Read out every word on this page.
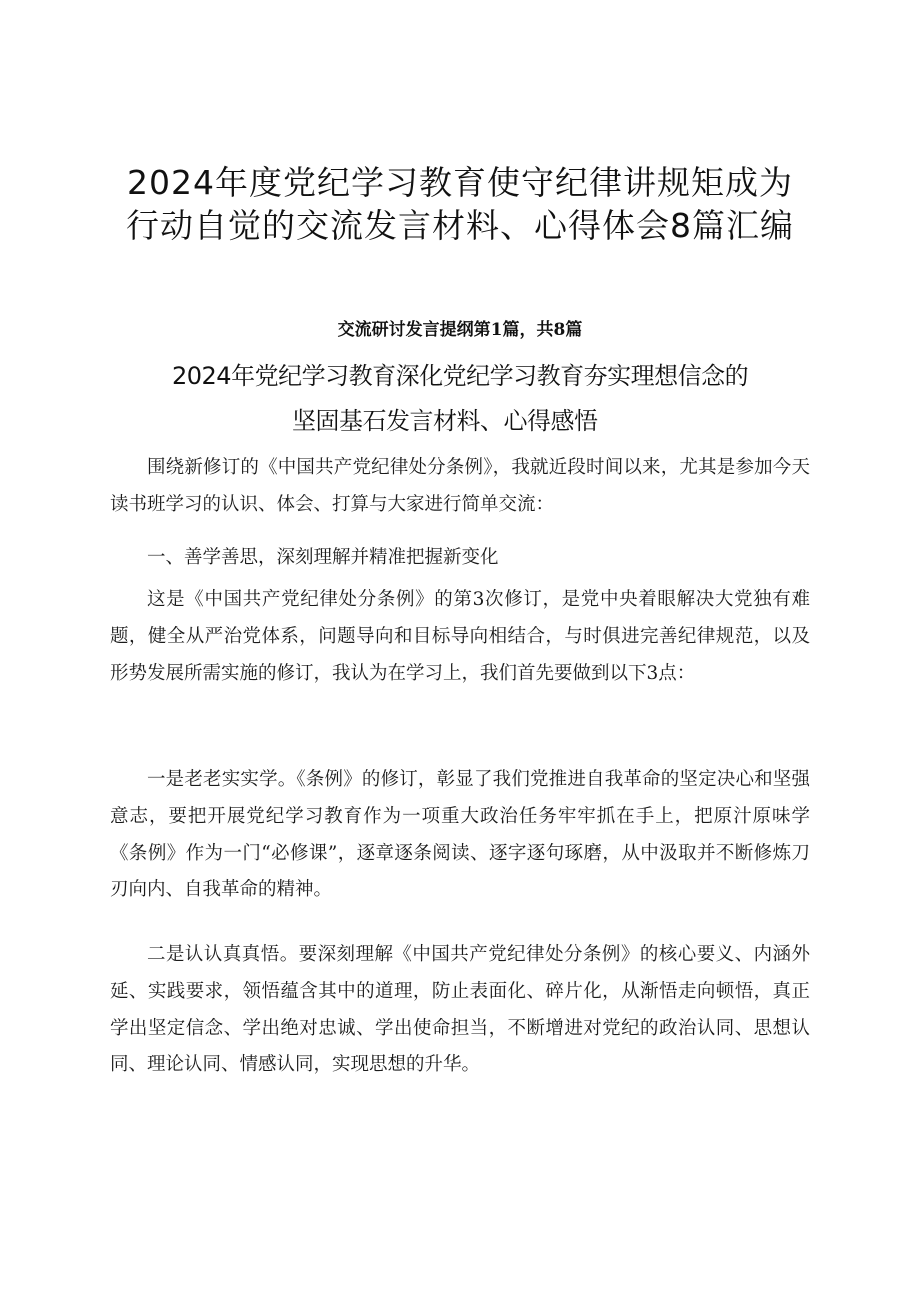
2024年度党纪学习教育使守纪律讲规矩成为
行动自觉的交流发言材料、心得体会8篇汇编
交流研讨发言提纲第1篇，共8篇
2024年党纪学习教育深化党纪学习教育夯实理想信念的
坚固基石发言材料、心得感悟

围绕新修订的《中国共产党纪律处分条例》，我就近段时间以来，尤其是参加今天读书班学习的认识、体会、打算与大家进行简单交流：

一、善学善思，深刻理解并精准把握新变化

这是《中国共产党纪律处分条例》的第3次修订，是党中央着眼解决大党独有难题，健全从严治党体系，问题导向和目标导向相结合，与时俱进完善纪律规范，以及形势发展所需实施的修订，我认为在学习上，我们首先要做到以下3点：

一是老老实实学。《条例》的修订，彰显了我们党推进自我革命的坚定决心和坚强意志，要把开展党纪学习教育作为一项重大政治任务牢牢抓在手上，把原汁原味学《条例》作为一门“必修课”，逐章逐条阅读、逐字逐句琢磨，从中汲取并不断修炼刀刃向内、自我革命的精神。

二是认认真真悟。要深刻理解《中国共产党纪律处分条例》的核心要义、内涵外延、实践要求，领悟蕴含其中的道理，防止表面化、碎片化，从渐悟走向顿悟，真正学出坚定信念、学出绝对忠诚、学出使命担当，不断增进对党纪的政治认同、思想认同、理论认同、情感认同，实现思想的升华。
